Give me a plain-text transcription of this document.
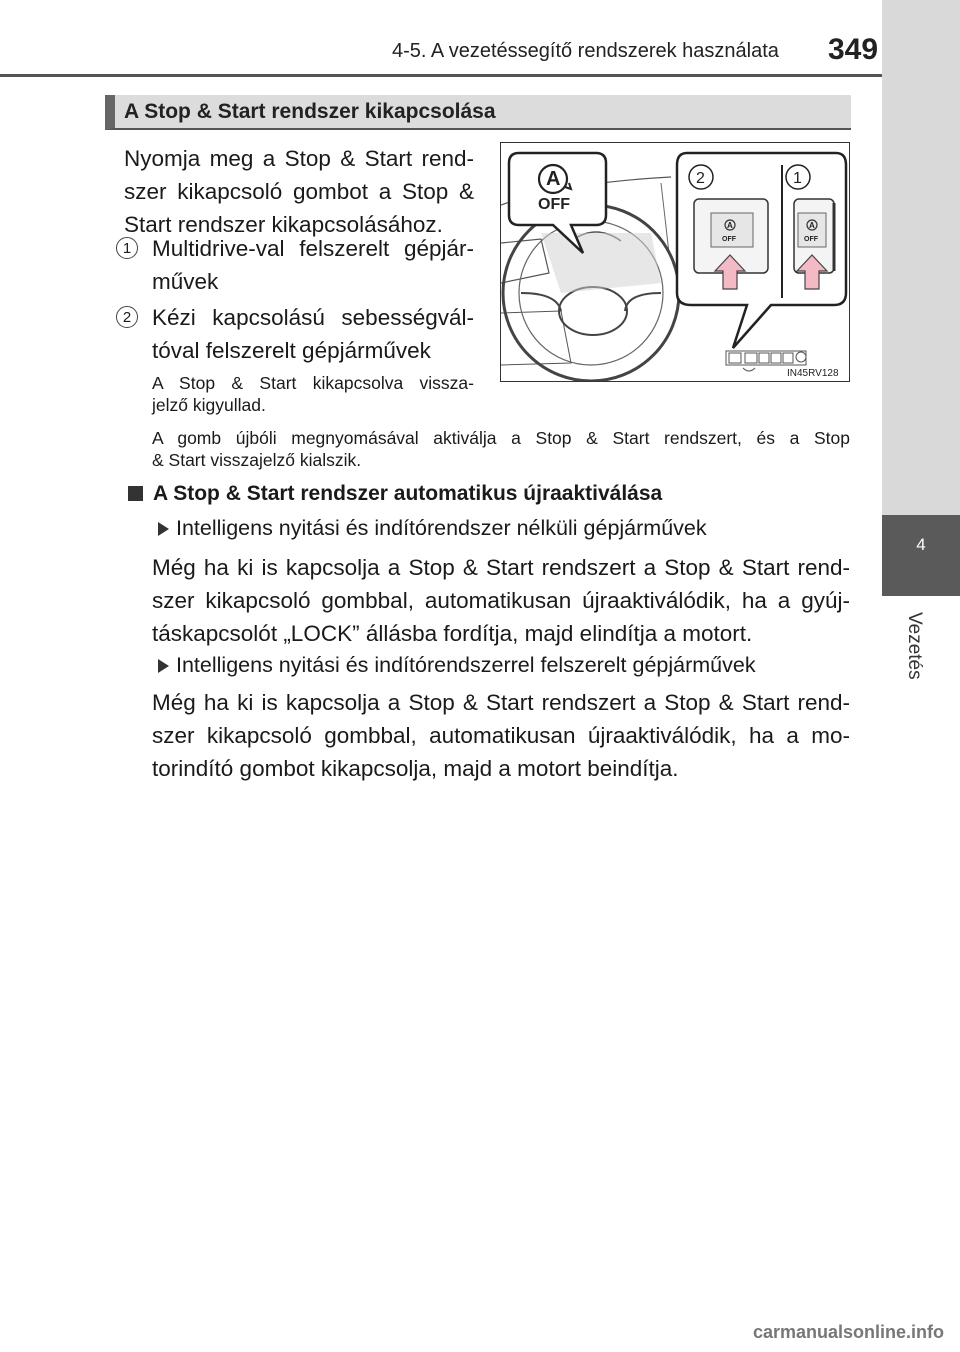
4-5. A vezetéssegítő rendszerek használata 349
4
Vezetés
A Stop & Start rendszer kikapcsolása
Nyomja meg a Stop & Start rend-
szer kikapcsoló gombot a Stop &
Start rendszer kikapcsolásához.
1 Multidrive-val felszerelt gépjár-
művek
2 Kézi kapcsolású sebességvál-
tóval felszerelt gépjárművek
A Stop & Start kikapcsolva vissza-
jelző kigyullad.
A gomb újbóli megnyomásával aktiválja a Stop & Start rendszert, és a Stop
& Start visszajelző kialszik.
A
OFF
A
OFF
A
OFF
2	1
IN45RV128
A Stop & Start rendszer automatikus újraaktiválása
Intelligens nyitási és indítórendszer nélküli gépjárművek
Még ha ki is kapcsolja a Stop & Start rendszert a Stop & Start rend-
szer kikapcsoló gombbal, automatikusan újraaktiválódik, ha a gyúj-
táskapcsolót „LOCK” állásba fordítja, majd elindítja a motort.
Intelligens nyitási és indítórendszerrel felszerelt gépjárművek
Még ha ki is kapcsolja a Stop & Start rendszert a Stop & Start rend-
szer kikapcsoló gombbal, automatikusan újraaktiválódik, ha a mo-
torindító gombot kikapcsolja, majd a motort beindítja.
carmanualsonline.info
